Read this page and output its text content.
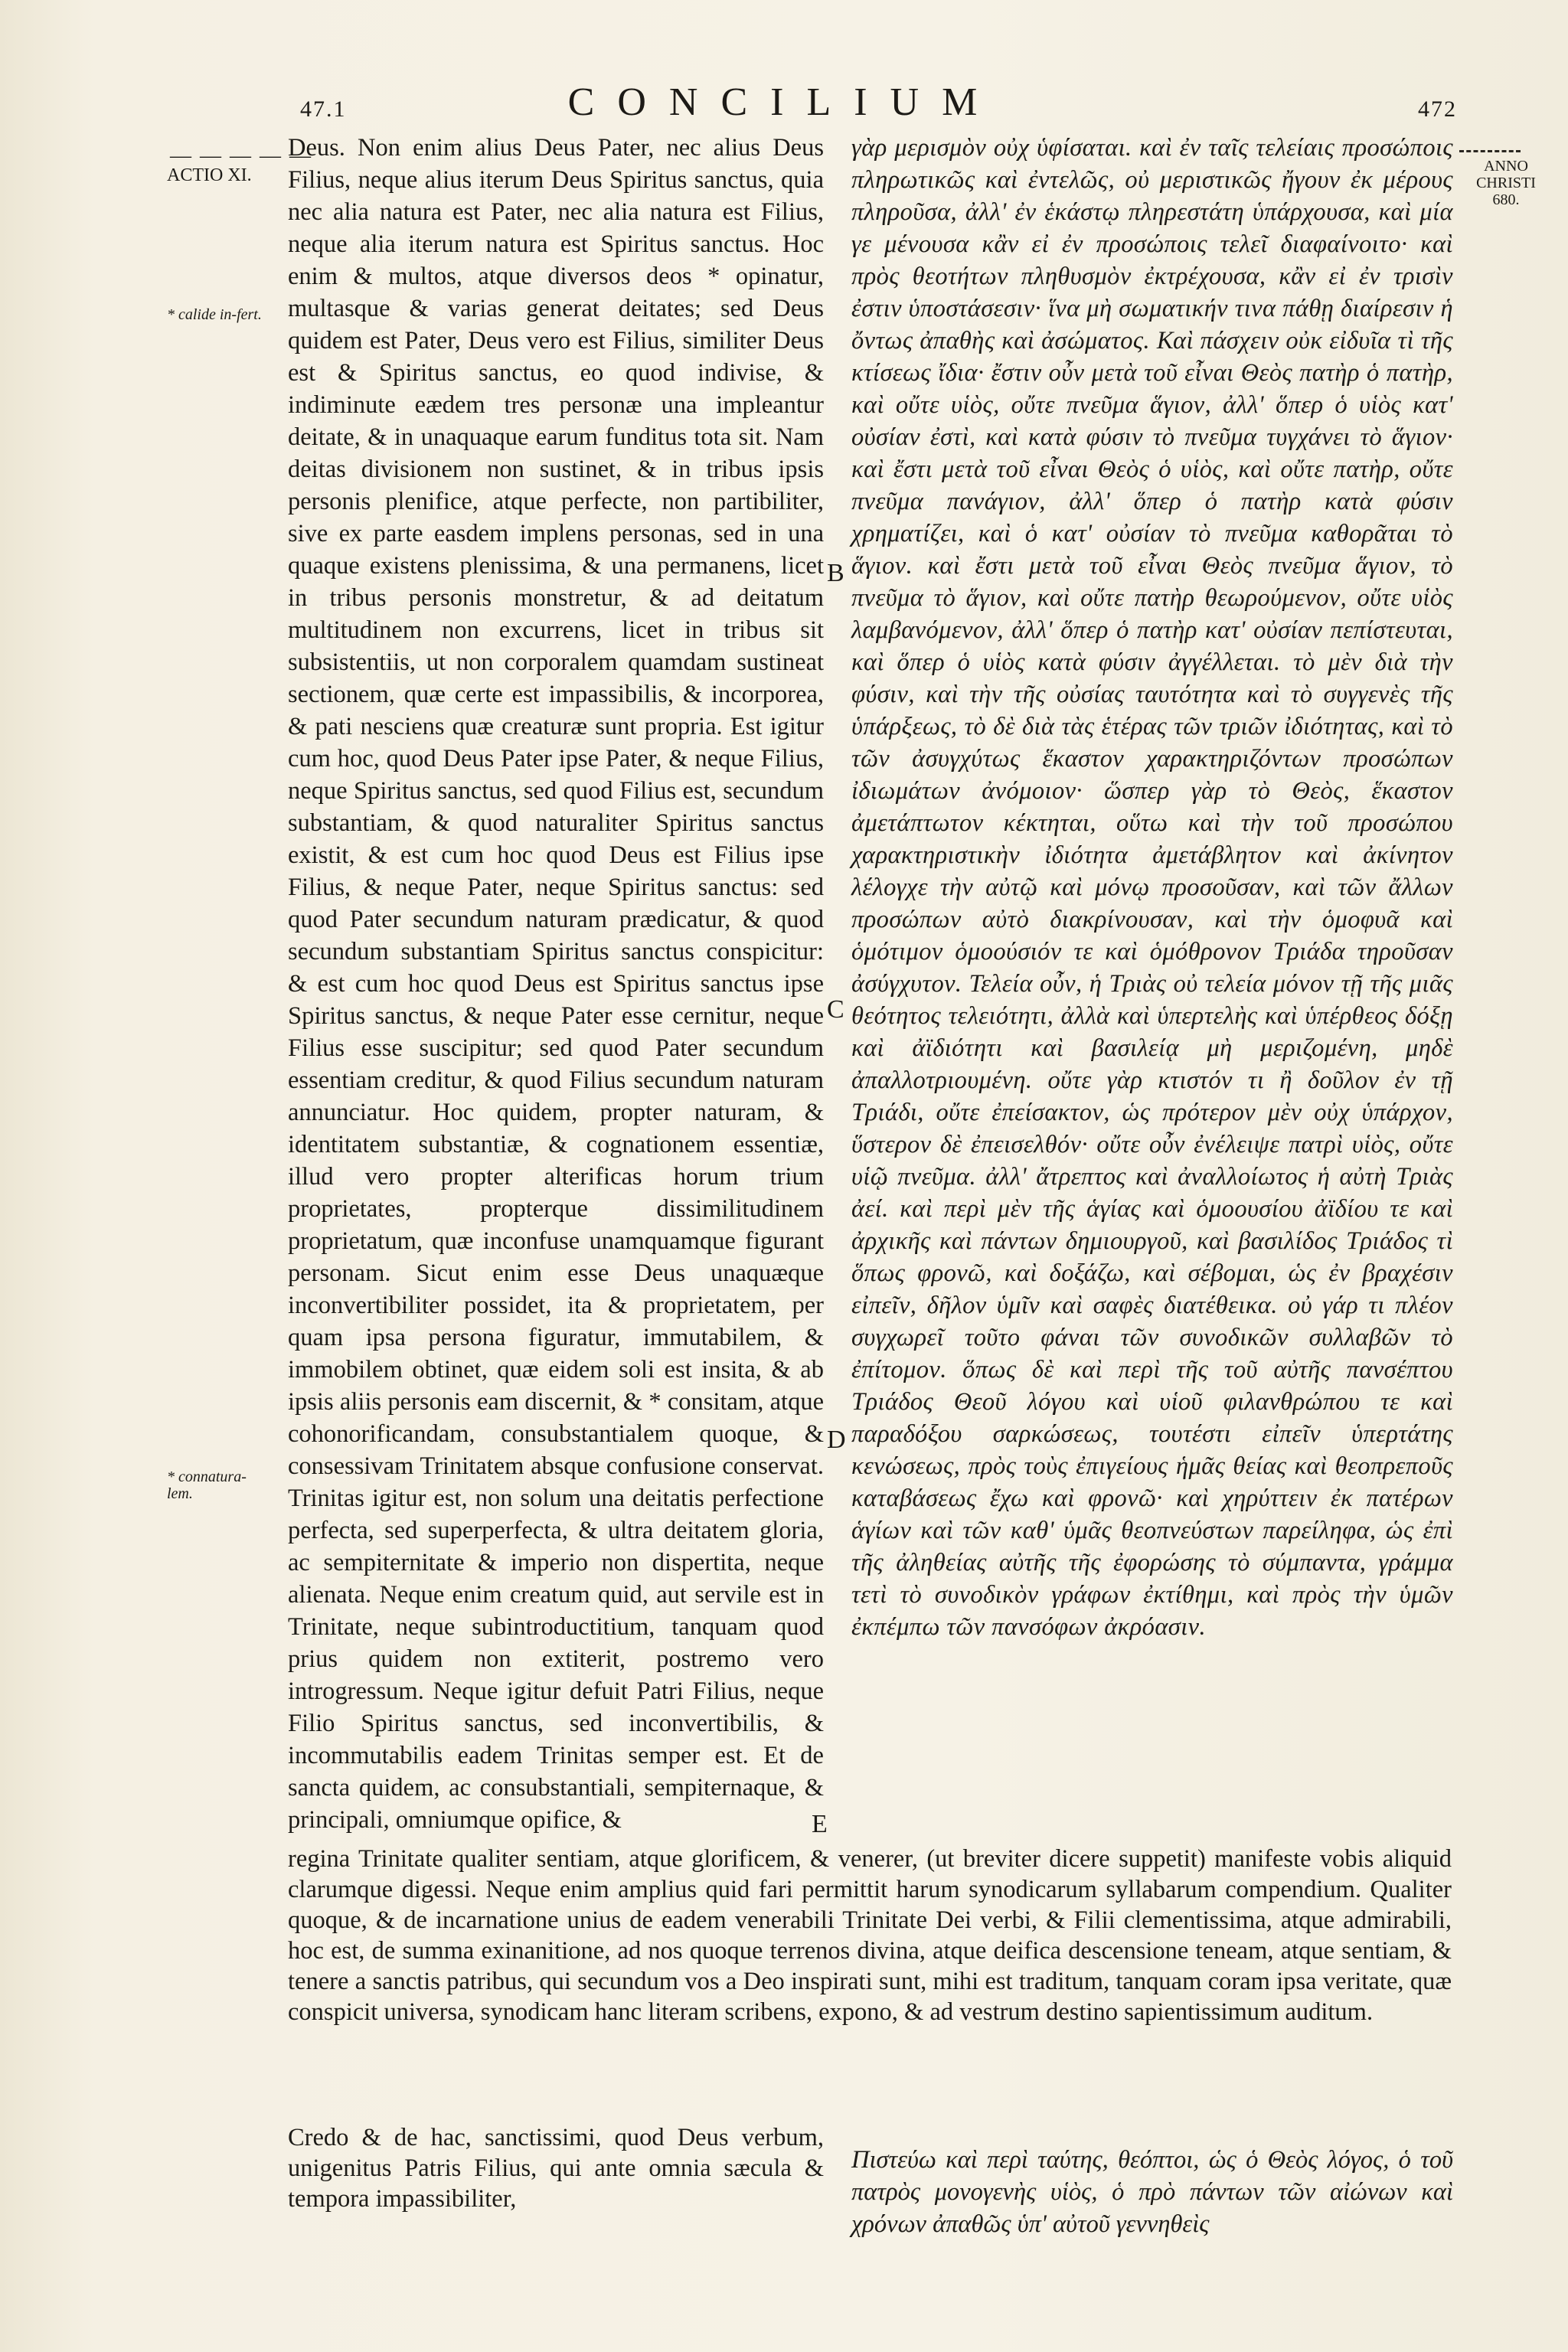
— — — — —
47.1	CONCILIUM	472
ACTIO XI.	ANNO CHRISTI 680.
* calide in-fert.
* connatura-lem.

Deus. Non enim alius Deus Pater, nec alius Deus Filius, neque alius iterum Deus Spiritus sanctus, quia nec alia natura est Pater, nec alia natura est Filius, neque alia iterum natura est Spiritus sanctus. Hoc enim & multos, atque diversos deos * opinatur, multasque & varias generat deitates; sed Deus quidem est Pater, Deus vero est Filius, similiter Deus est & Spiritus sanctus, eo quod indivise, & indiminute eædem tres personæ una impleantur deitate, & in unaquaque earum funditus tota sit. Nam deitas divisionem non sustinet, & in tribus ipsis personis plenifice, atque perfecte, non partibiliter, sive ex parte easdem implens personas, sed in una quaque existens plenissima, & una permanens, licet in tribus personis monstretur, & ad deitatum multitudinem non excurrens, licet in tribus sit subsistentiis, ut non corporalem quamdam sustineat sectionem, quæ certe est impassibilis, & incorporea, & pati nesciens quæ creaturæ sunt propria. Est igitur cum hoc, quod Deus Pater ipse Pater, & neque Filius, neque Spiritus sanctus, sed quod Filius est, secundum substantiam, & quod naturaliter Spiritus sanctus existit, & est cum hoc quod Deus est Filius ipse Filius, & neque Pater, neque Spiritus sanctus: sed quod Pater secundum naturam prædicatur, & quod secundum substantiam Spiritus sanctus conspicitur: & est cum hoc quod Deus est Spiritus sanctus ipse Spiritus sanctus, & neque Pater esse cernitur, neque Filius esse suscipitur; sed quod Pater secundum essentiam creditur, & quod Filius secundum naturam annunciatur. Hoc quidem, propter naturam, & identitatem substantiæ, & cognationem essentiæ, illud vero propter alterificas horum trium proprietates, propterque dissimilitudinem proprietatum, quæ inconfuse unamquamque figurant personam. Sicut enim esse Deus unaquæque inconvertibiliter possidet, ita & proprietatem, per quam ipsa persona figuratur, immutabilem, & immobilem obtinet, quæ eidem soli est insita, & ab ipsis aliis personis eam discernit, & * consitam, atque cohonorificandam, consubstantialem quoque, & consessivam Trinitatem absque confusione conservat. Trinitas igitur est, non solum una deitatis perfectione perfecta, sed superperfecta, & ultra deitatem gloria, ac sempiternitate & imperio non dispertita, neque alienata. Neque enim creatum quid, aut servile est in Trinitate, neque subintroductitium, tanquam quod prius quidem non extiterit, postremo vero introgressum. Neque igitur defuit Patri Filius, neque Filio Spiritus sanctus, sed inconvertibilis, & incommutabilis eadem Trinitas semper est. Et de sancta quidem, ac consubstantiali, sempiternaque, & principali, omniumque opifice, &

γὰρ μερισμὸν οὐχ ὑφίσαται. καὶ ἐν ταῖς τελείαις προσώποις πληρωτικῶς καὶ ἐντελῶς, οὐ μεριστικῶς ἤγουν ἐκ μέρους πληροῦσα, ἀλλ' ἐν ἑκάστῳ πληρεστάτη ὑπάρχουσα, καὶ μία γε μένουσα κἂν εἰ ἐν προσώποις τελεῖ διαφαίνοιτο· καὶ πρὸς θεοτήτων πληθυσμὸν ἐκτρέχουσα, κἂν εἰ ἐν τρισὶν ἐστιν ὑποστάσεσιν· ἵνα μὴ σωματικήν τινα πάθῃ διαίρεσιν ἡ ὄντως ἀπαθὴς καὶ ἀσώματος. Καὶ πάσχειν οὐκ εἰδυῖα τὶ τῆς κτίσεως ἴδια· ἔστιν οὖν μετὰ τοῦ εἶναι Θεὸς πατὴρ ὁ πατὴρ, καὶ οὔτε υἱὸς, οὔτε πνεῦμα ἅγιον, ἀλλ' ὅπερ ὁ υἱὸς κατ' οὐσίαν ἐστὶ, καὶ κατὰ φύσιν τὸ πνεῦμα τυγχάνει τὸ ἅγιον· καὶ ἔστι μετὰ τοῦ εἶναι Θεὸς ὁ υἱὸς, καὶ οὔτε πατὴρ, οὔτε πνεῦμα πανάγιον, ἀλλ' ὅπερ ὁ πατὴρ κατὰ φύσιν χρηματίζει, καὶ ὁ κατ' οὐσίαν τὸ πνεῦμα καθορᾶται τὸ ἅγιον. καὶ ἔστι μετὰ τοῦ εἶναι Θεὸς πνεῦμα ἅγιον, τὸ πνεῦμα τὸ ἅγιον, καὶ οὔτε πατὴρ θεωρούμενον, οὔτε υἱὸς λαμβανόμενον, ἀλλ' ὅπερ ὁ πατὴρ κατ' οὐσίαν πεπίστευται, καὶ ὅπερ ὁ υἱὸς κατὰ φύσιν ἀγγέλλεται. τὸ μὲν διὰ τὴν φύσιν, καὶ τὴν τῆς οὐσίας ταυτότητα καὶ τὸ συγγενὲς τῆς ὑπάρξεως, τὸ δὲ διὰ τὰς ἑτέρας τῶν τριῶν ἰδιότητας, καὶ τὸ τῶν ἀσυγχύτως ἕκαστον χαρακτηριζόντων προσώπων ἰδιωμάτων ἀνόμοιον· ὥσπερ γὰρ τὸ Θεὸς, ἕκαστον ἀμετάπτωτον κέκτηται, οὕτω καὶ τὴν τοῦ προσώπου χαρακτηριστικὴν ἰδιότητα ἀμετάβλητον καὶ ἀκίνητον λέλογχε τὴν αὐτῷ καὶ μόνῳ προσοῦσαν, καὶ τῶν ἄλλων προσώπων αὐτὸ διακρίνουσαν, καὶ τὴν ὁμοφυᾶ καὶ ὁμότιμον ὁμοούσιόν τε καὶ ὁμόθρονον Τριάδα τηροῦσαν ἀσύγχυτον. Τελεία οὖν, ἡ Τριὰς οὐ τελεία μόνον τῇ τῆς μιᾶς θεότητος τελειότητι, ἀλλὰ καὶ ὑπερτελὴς καὶ ὑπέρθεος δόξῃ καὶ ἀϊδιότητι καὶ βασιλείᾳ μὴ μεριζομένη, μηδὲ ἀπαλλοτριουμένη. οὔτε γὰρ κτιστόν τι ἢ δοῦλον ἐν τῇ Τριάδι, οὔτε ἐπείσακτον, ὡς πρότερον μὲν οὐχ ὑπάρχον, ὕστερον δὲ ἐπεισελθόν· οὔτε οὖν ἐνέλειψε πατρὶ υἱὸς, οὔτε υἱῷ πνεῦμα. ἀλλ' ἄτρεπτος καὶ ἀναλλοίωτος ἡ αὐτὴ Τριὰς ἀεί. καὶ περὶ μὲν τῆς ἁγίας καὶ ὁμοουσίου ἀϊδίου τε καὶ ἀρχικῆς καὶ πάντων δημιουργοῦ, καὶ βασιλίδος Τριάδος τὶ ὅπως φρονῶ, καὶ δοξάζω, καὶ σέβομαι, ὡς ἐν βραχέσιν εἰπεῖν, δῆλον ὑμῖν καὶ σαφὲς διατέθεικα. οὐ γάρ τι πλέον συγχωρεῖ τοῦτο φάναι τῶν συνοδικῶν συλλαβῶν τὸ ἐπίτομον. ὅπως δὲ καὶ περὶ τῆς τοῦ αὐτῆς πανσέπτου Τριάδος Θεοῦ λόγου καὶ υἱοῦ φιλανθρώπου τε καὶ παραδόξου σαρκώσεως, τουτέστι εἰπεῖν ὑπερτάτης κενώσεως, πρὸς τοὺς ἐπιγείους ἡμᾶς θείας καὶ θεοπρεποῦς καταβάσεως ἔχω καὶ φρονῶ· καὶ χηρύττειν ἐκ πατέρων ἁγίων καὶ τῶν καθ' ὑμᾶς θεοπνεύστων παρείληφα, ὡς ἐπὶ τῆς ἀληθείας αὐτῆς τῆς ἐφορώσης τὸ σύμπαντα, γράμμα τετὶ τὸ συνοδικὸν γράφων ἐκτίθημι, καὶ πρὸς τὴν ὑμῶν ἐκπέμπω τῶν πανσόφων ἀκρόασιν.

B
C
D
E
regina Trinitate qualiter sentiam, atque glorificem, & venerer, (ut breviter dicere suppetit) manifeste vobis aliquid clarumque digessi. Neque enim amplius quid fari permittit harum synodicarum syllabarum compendium. Qualiter quoque, & de incarnatione unius de eadem venerabili Trinitate Dei verbi, & Filii clementissima, atque admirabili, hoc est, de summa exinanitione, ad nos quoque terrenos divina, atque deifica descensione teneam, atque sentiam, & tenere a sanctis patribus, qui secundum vos a Deo inspirati sunt, mihi est traditum, tanquam coram ipsa veritate, quæ conspicit universa, synodicam hanc literam scribens, expono, & ad vestrum destino sapientissimum auditum.
Credo & de hac, sanctissimi, quod Deus verbum, unigenitus Patris Filius, qui ante omnia sæcula & tempora impassibiliter,
Πιστεύω καὶ περὶ ταύτης, θεόπτοι, ὡς ὁ Θεὸς λόγος, ὁ τοῦ πατρὸς μονογενὴς υἱὸς, ὁ πρὸ πάντων τῶν αἰώνων καὶ χρόνων ἀπαθῶς ὑπ' αὐτοῦ γεννηθεὶς
